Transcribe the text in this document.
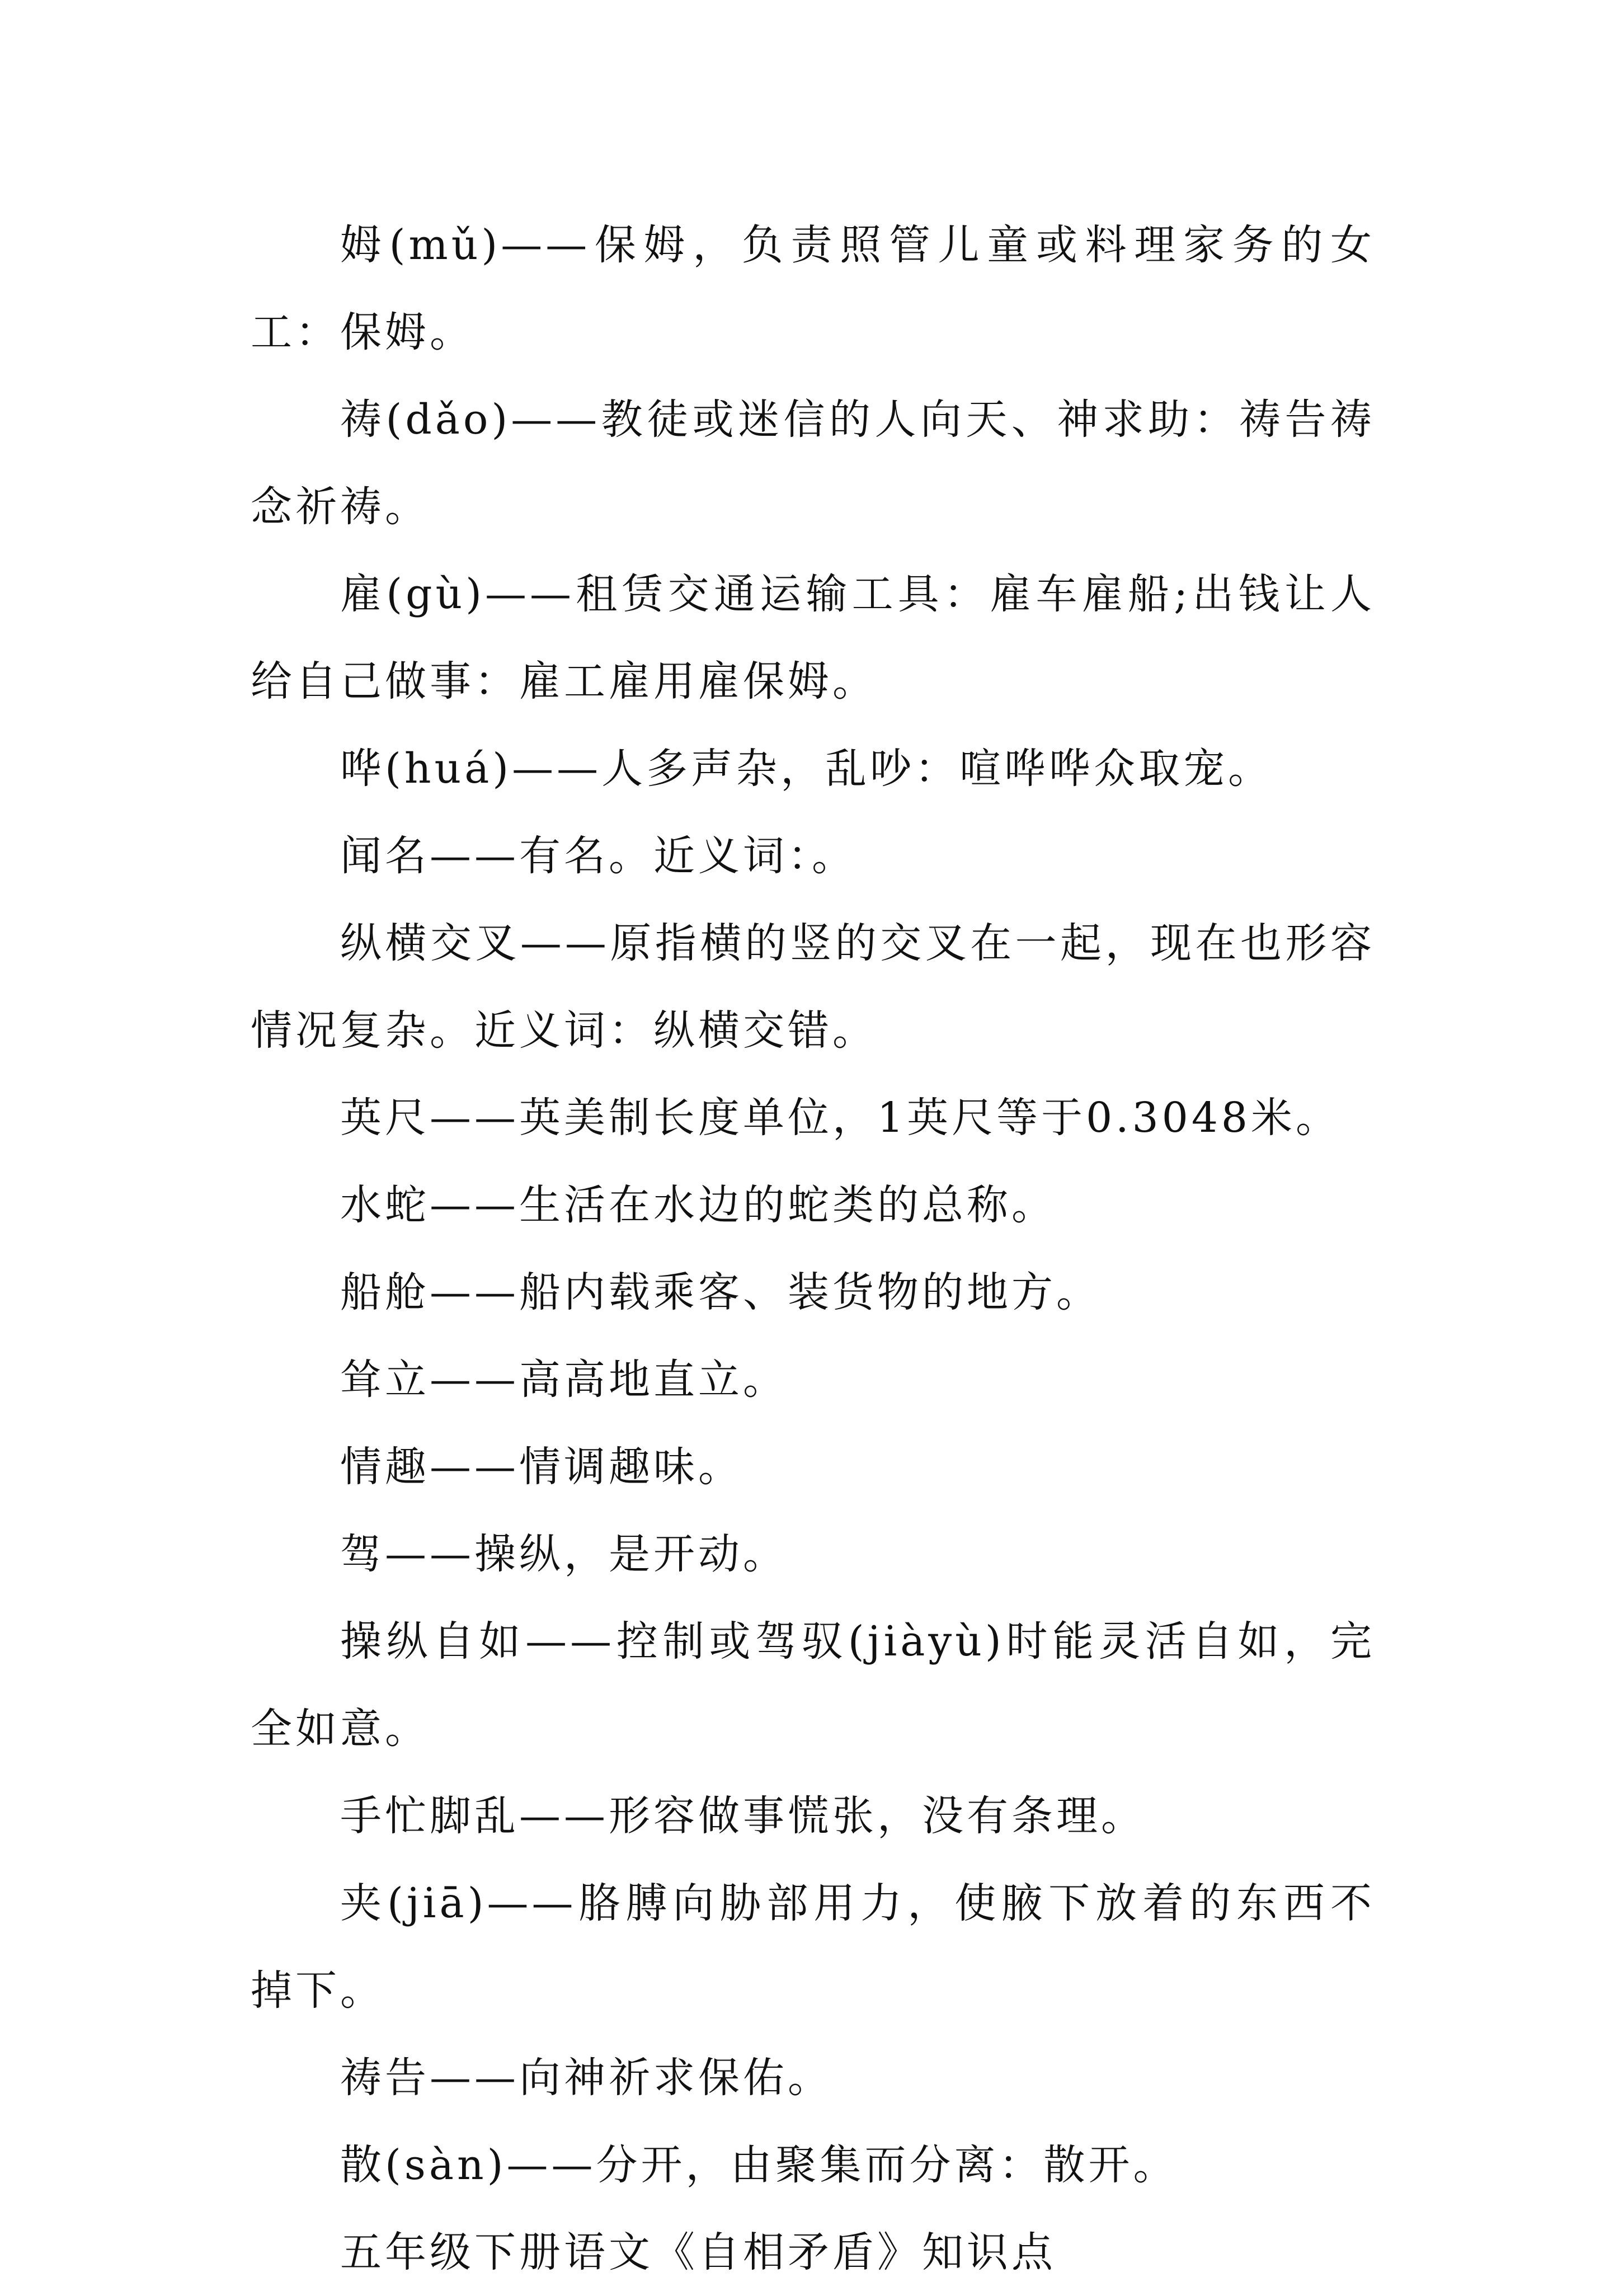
姆(mǔ)——保姆，负责照管儿童或料理家务的女工：保姆。

祷(dǎo)——教徒或迷信的人向天、神求助：祷告祷念祈祷。

雇(gù)——租赁交通运输工具：雇车雇船;出钱让人给自己做事：雇工雇用雇保姆。

哗(huá)——人多声杂，乱吵：喧哗哗众取宠。

闻名——有名。近义词：。

纵横交叉——原指横的竖的交叉在一起，现在也形容情况复杂。近义词：纵横交错。

英尺——英美制长度单位，1英尺等于0.3048米。

水蛇——生活在水边的蛇类的总称。

船舱——船内载乘客、装货物的地方。

耸立——高高地直立。

情趣——情调趣味。

驾——操纵，是开动。

操纵自如——控制或驾驭(jiàyù)时能灵活自如，完全如意。

手忙脚乱——形容做事慌张，没有条理。

夹(jiā)——胳膊向胁部用力，使腋下放着的东西不掉下。

祷告——向神祈求保佑。

散(sàn)——分开，由聚集而分离：散开。

五年级下册语文《自相矛盾》知识点
